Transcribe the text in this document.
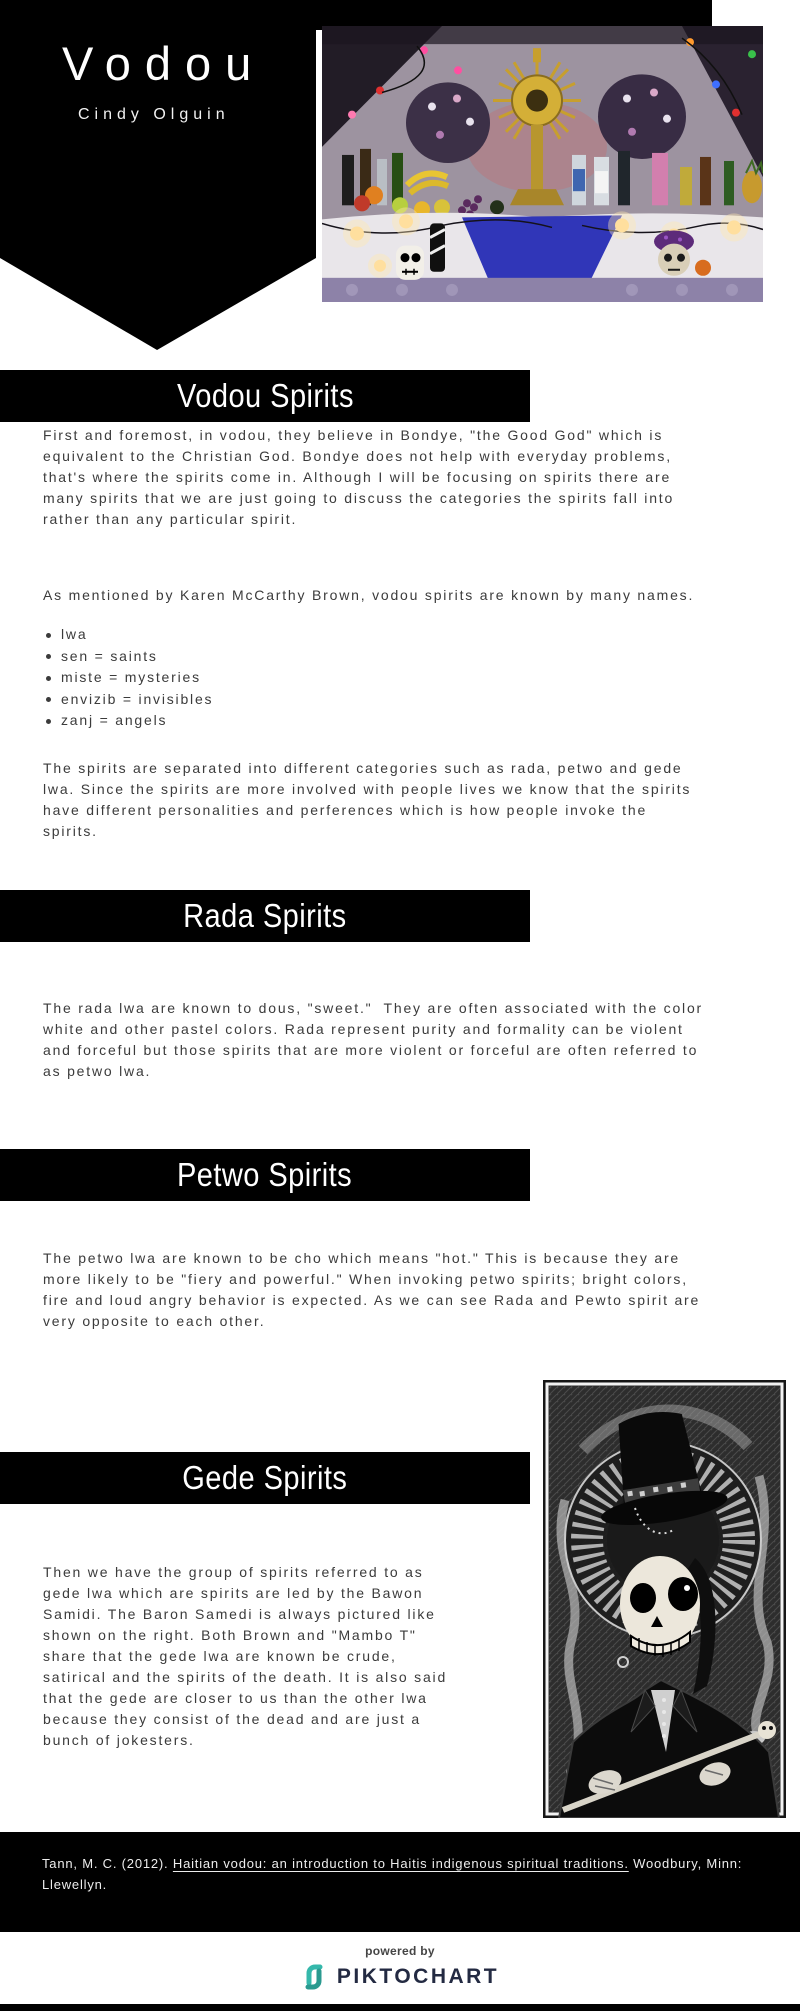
Vodou
Cindy Olguin
Vodou Spirits

First and foremost, in vodou, they believe in Bondye, "the Good God" which is equivalent to the Christian God. Bondye does not help with everyday problems, that's where the spirits come in. Although I will be focusing on spirits there are many spirits that we are just going to discuss the categories the spirits fall into rather than any particular spirit.

As mentioned by Karen McCarthy Brown, vodou spirits are known by many names.

lwa
sen = saints
miste = mysteries
envizib = invisibles
zanj = angels

The spirits are separated into different categories such as rada, petwo and gede lwa. Since the spirits are more involved with people lives we know that the spirits have different personalities and perferences which is how people invoke the spirits.

Rada Spirits

The rada lwa are known to dous, "sweet."  They are often associated with the color white and other pastel colors. Rada represent purity and formality can be violent and forceful but those spirits that are more violent or forceful are often referred to as petwo lwa.

Petwo Spirits

The petwo lwa are known to be cho which means "hot." This is because they are more likely to be "fiery and powerful." When invoking petwo spirits; bright colors, fire and loud angry behavior is expected. As we can see Rada and Pewto spirit are very opposite to each other.

Gede Spirits

Then we have the group of spirits referred to as gede lwa which are spirits are led by the Bawon Samidi. The Baron Samedi is always pictured like shown on the right. Both Brown and "Mambo T" share that the gede lwa are known be crude, satirical and the spirits of the death. It is also said that the gede are closer to us than the other lwa because they consist of the dead and are just a bunch of jokesters.

Tann, M. C. (2012). Haitian vodou: an introduction to Haitis indigenous spiritual traditions. Woodbury, Minn: Llewellyn.

powered by
PIKTOCHART
